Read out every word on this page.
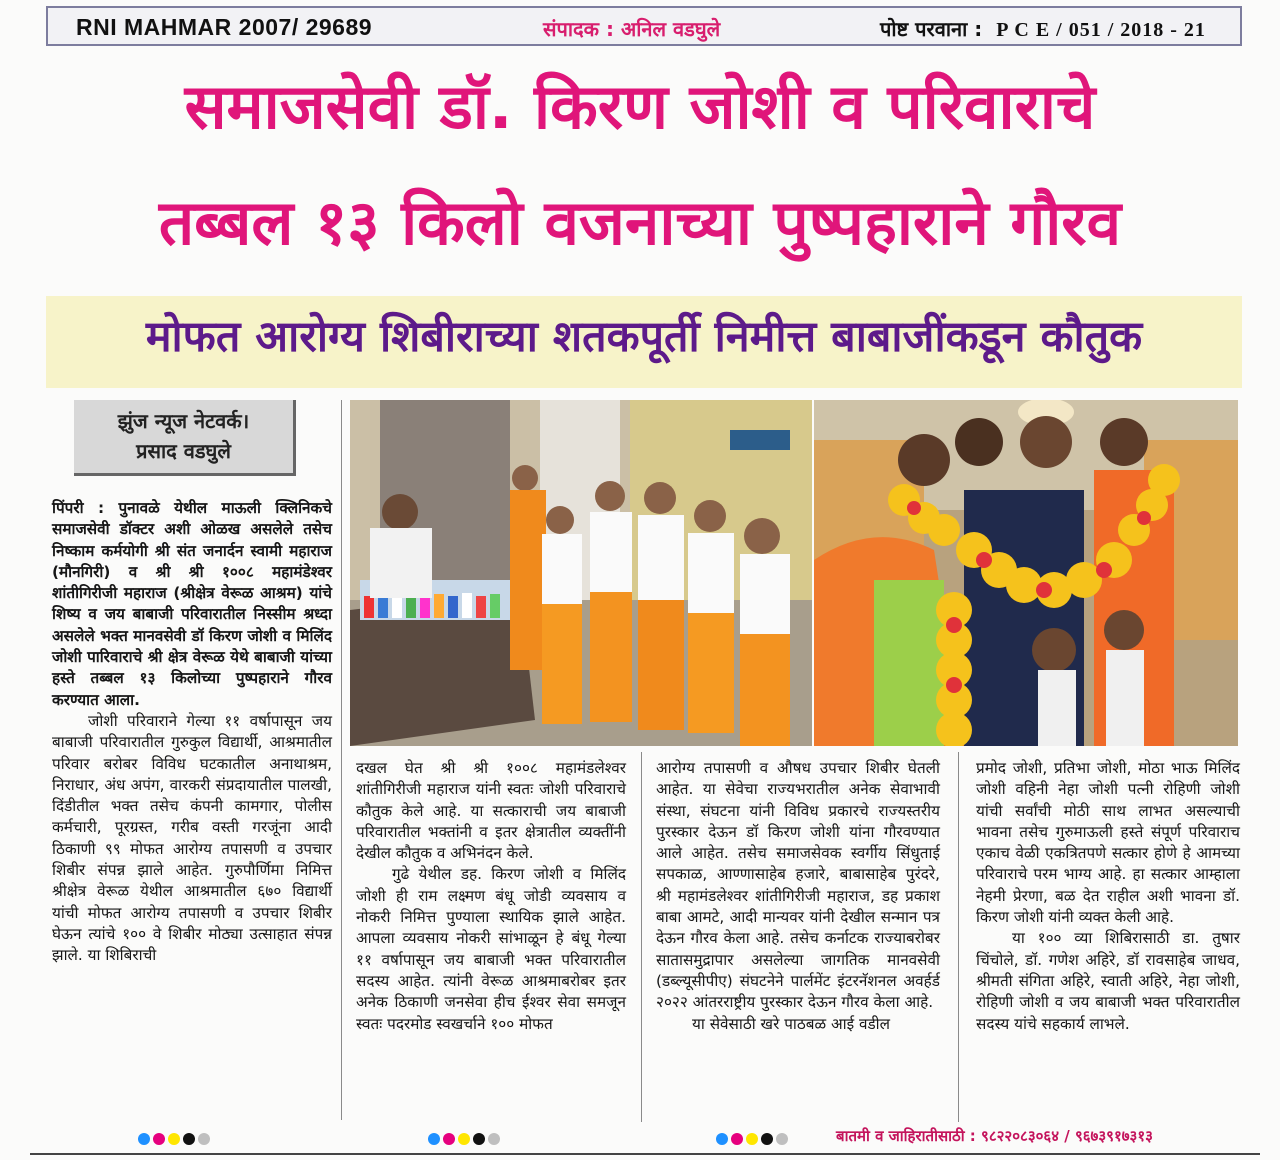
RNI MAHMAR 2007/ 29689	संपादक : अनिल वडघुले	पोष्ट परवाना : P C E / 051 / 2018 - 21
समाजसेवी डॉ. किरण जोशी व परिवाराचे
तब्बल १३ किलो वजनाच्या पुष्पहाराने गौरव
मोफत आरोग्य शिबीराच्या शतकपूर्ती निमीत्त बाबाजींकडून कौतुक
झुंज न्यूज नेटवर्क।
प्रसाद वडघुले

पिंपरी : पुनावळे येथील माऊली क्लिनिकचे समाजसेवी डॉक्टर अशी ओळख असलेले तसेच निष्काम कर्मयोगी श्री संत जनार्दन स्वामी महाराज (मौनगिरी) व श्री श्री १००८ महामंडेश्वर शांतीगिरीजी महाराज (श्रीक्षेत्र वेरूळ आश्रम) यांचे शिष्य व जय बाबाजी परिवारातील निस्सीम श्रध्दा असलेले भक्त मानवसेवी डॉ किरण जोशी व मिलिंद जोशी पारिवाराचे श्री क्षेत्र वेरूळ येथे बाबाजी यांच्या हस्ते तब्बल १३ किलोच्या पुष्पहाराने गौरव करण्यात आला.

जोशी परिवाराने गेल्या ११ वर्षापासून जय बाबाजी परिवारातील गुरुकुल विद्यार्थी, आश्रमातील परिवार बरोबर विविध घटकातील अनाथाश्रम, निराधार, अंध अपंग, वारकरी संप्रदायातील पालखी, दिंडीतील भक्त तसेच कंपनी कामगार, पोलीस कर्मचारी, पूरग्रस्त, गरीब वस्ती गरजूंना आदी ठिकाणी ९९ मोफत आरोग्य तपासणी व उपचार शिबीर संपन्न झाले आहेत. गुरुपौर्णिमा निमित्त श्रीक्षेत्र वेरूळ येथील आश्रमातील ६७० विद्यार्थी यांची मोफत आरोग्य तपासणी व उपचार शिबीर घेऊन त्यांचे १०० वे शिबीर मोठ्या उत्साहात संपन्न झाले. या शिबिराची

दखल घेत श्री श्री १००८ महामंडलेश्वर शांतीगिरीजी महाराज यांनी स्वतः जोशी परिवाराचे कौतुक केले आहे. या सत्काराची जय बाबाजी परिवारातील भक्तांनी व इतर क्षेत्रातील व्यक्तींनी देखील कौतुक व अभिनंदन केले.

गुढे येथील डह. किरण जोशी व मिलिंद जोशी ही राम लक्ष्मण बंधू जोडी व्यवसाय व नोकरी निमित्त पुण्याला स्थायिक झाले आहेत. आपला व्यवसाय नोकरी सांभाळून हे बंधू गेल्या ११ वर्षापासून जय बाबाजी भक्त परिवारातील सदस्य आहेत. त्यांनी वेरूळ आश्रमाबरोबर इतर अनेक ठिकाणी जनसेवा हीच ईश्वर सेवा समजून स्वतः पदरमोड स्वखर्चाने १०० मोफत

आरोग्य तपासणी व औषध उपचार शिबीर घेतली आहेत. या सेवेचा राज्यभरातील अनेक सेवाभावी संस्था, संघटना यांनी विविध प्रकारचे राज्यस्तरीय पुरस्कार देऊन डॉ किरण जोशी यांना गौरवण्यात आले आहेत. तसेच समाजसेवक स्वर्गीय सिंधुताई सपकाळ, आण्णासाहेब हजारे, बाबासाहेब पुरंदरे, श्री महामंडलेश्वर शांतीगिरीजी महाराज, डह प्रकाश बाबा आमटे, आदी मान्यवर यांनी देखील सन्मान पत्र देऊन गौरव केला आहे. तसेच कर्नाटक राज्याबरोबर सातासमुद्रापार असलेल्या जागतिक मानवसेवी (डब्ल्यूसीपीए) संघटनेने पार्लमेंट इंटरनॅशनल अवर्हर्ड २०२२ आंतरराष्ट्रीय पुरस्कार देऊन गौरव केला आहे.

या सेवेसाठी खरे पाठबळ आई वडील

प्रमोद जोशी, प्रतिभा जोशी, मोठा भाऊ मिलिंद जोशी वहिनी नेहा जोशी पत्नी रोहिणी जोशी यांची सर्वांची मोठी साथ लाभत असल्याची भावना तसेच गुरुमाऊली हस्ते संपूर्ण परिवाराच एकाच वेळी एकत्रितपणे सत्कार होणे हे आमच्या परिवाराचे परम भाग्य आहे. हा सत्कार आम्हाला नेहमी प्रेरणा, बळ देत राहील अशी भावना डॉ. किरण जोशी यांनी व्यक्त केली आहे.

या १०० व्या शिबिरासाठी डा. तुषार चिंचोले, डॉ. गणेश अहिरे, डॉ रावसाहेब जाधव, श्रीमती संगिता अहिरे, स्वाती अहिरे, नेहा जोशी, रोहिणी जोशी व जय बाबाजी भक्त परिवारातील सदस्य यांचे सहकार्य लाभले.

बातमी व जाहिरातीसाठी : ९८२२०८३०६४ / ९६७३९१७३१३
